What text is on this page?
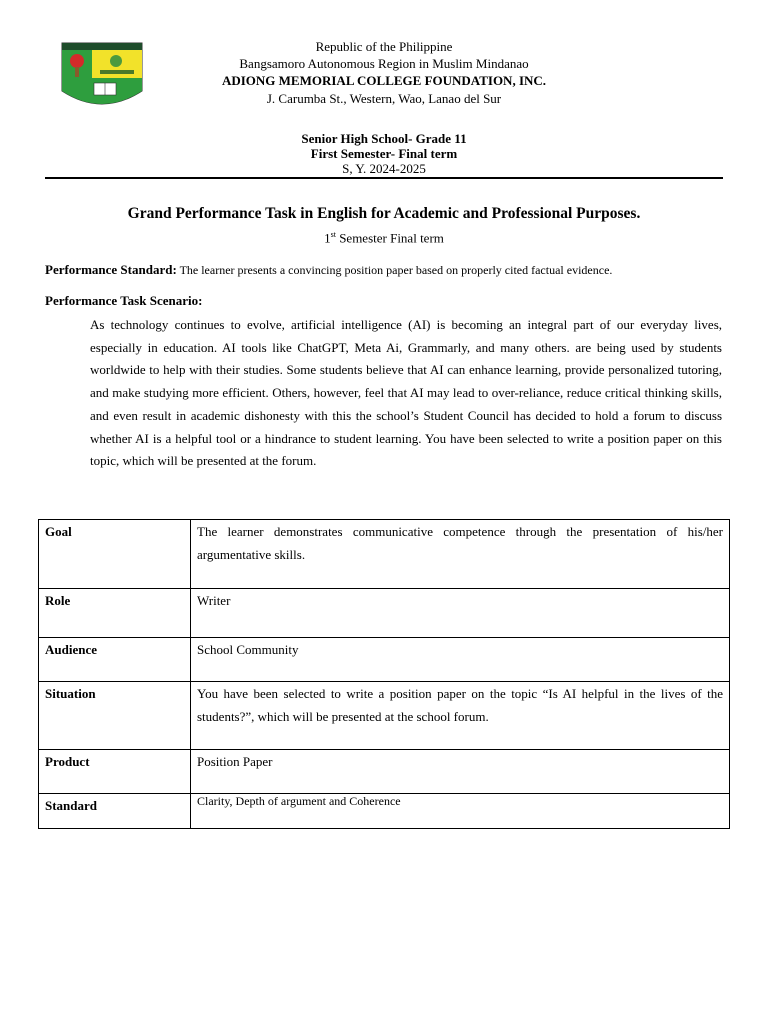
Republic of the Philippine
Bangsamoro Autonomous Region in Muslim Mindanao
ADIONG MEMORIAL COLLEGE FOUNDATION, INC.
J. Carumba St., Western, Wao, Lanao del Sur
Senior High School- Grade 11
First Semester- Final term
S, Y. 2024-2025
Grand Performance Task in English for Academic and Professional Purposes.
1st Semester Final term
Performance Standard: The learner presents a convincing position paper based on properly cited factual evidence.
Performance Task Scenario:

As technology continues to evolve, artificial intelligence (AI) is becoming an integral part of our everyday lives, especially in education. AI tools like ChatGPT, Meta Ai, Grammarly, and many others. are being used by students worldwide to help with their studies. Some students believe that AI can enhance learning, provide personalized tutoring, and make studying more efficient. Others, however, feel that AI may lead to over-reliance, reduce critical thinking skills, and even result in academic dishonesty with this the school’s Student Council has decided to hold a forum to discuss whether AI is a helpful tool or a hindrance to student learning. You have been selected to write a position paper on this topic, which will be presented at the forum.

Goal	The learner demonstrates communicative competence through the presentation of his/her argumentative skills.
Role	Writer
Audience	School Community
Situation	You have been selected to write a position paper on the topic “Is AI helpful in the lives of the students?”, which will be presented at the school forum.
Product	Position Paper
Standard	Clarity, Depth of argument and Coherence
